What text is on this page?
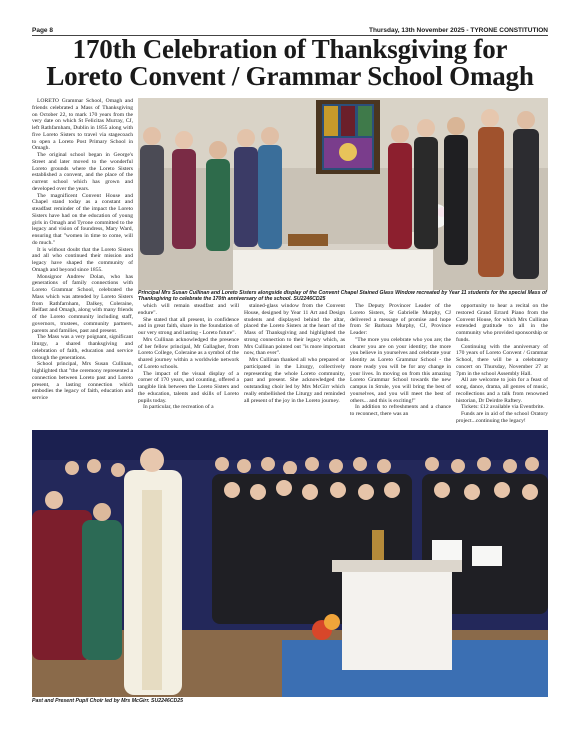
Page 8	Thursday, 13th November 2025 - TYRONE CONSTITUTION
170th Celebration of Thanksgiving for
Loreto Convent / Grammar School Omagh

LORETO Grammar School, Omagh and friends celebrated a Mass of Thanksgiving on October 22, to mark 170 years from the very date on which St Felicitas Murray, CJ, left Rathfarnham, Dublin in 1855 along with five Loreto Sisters to travel via stagecoach to open a Loreto Post Primary School in Omagh.

The original school began in George's Street and later moved to the wonderful Loreto grounds where the Loreto Sisters established a convent, and the place of the current school which has grown and developed over the years.

The magnificent Convent House and Chapel stand today as a constant and steadfast reminder of the impact the Loreto Sisters have had on the education of young girls in Omagh and Tyrone committed to the legacy and vision of foundress, Mary Ward, ensuring that "women in time to come, will do much."

It is without doubt that the Loreto Sisters and all who continued their mission and legacy have shaped the community of Omagh and beyond since 1855.

Monsignor Andrew Dolan, who has generations of family connections with Loreto Grammar School, celebrated the Mass which was attended by Loreto Sisters from Rathfarnham, Dalkey, Coleraine, Belfast and Omagh, along with many friends of the Loreto community including staff, governors, trustees, community partners, parents and families, past and present.

The Mass was a very poignant, significant liturgy, a shared thanksgiving and celebration of faith, education and service through the generations.

School principal, Mrs Susan Cullinan, highlighted that "the ceremony represented a connection between Loreto past and Loreto present, a lasting connection which embodies the legacy of faith, education and service

Principal Mrs Susan Cullinan and Loreto Sisters alongside display of the Convent Chapel Stained Glass Window recreated by Year 11 students for the special Mass of Thanksgiving to celebrate the 170th anniversary of the school. SU2246CD25

which will remain steadfast and will endure".

She stated that all present, in confidence and in great faith, share in the foundation of our very strong and lasting - Loreto future".

Mrs Cullinan acknowledged the presence of her fellow principal, Mr Gallagher, from Loreto College, Coleraine as a symbol of the shared journey within a worldwide network of Loreto schools.

The impact of the visual display of a corner of 170 years, and counting, offered a tangible link between the Loreto Sisters and the education, talents and skills of Loreto pupils today.

In particular, the recreation of a

stained-glass window from the Convent House, designed by Year 11 Art and Design students and displayed behind the altar, placed the Loreto Sisters at the heart of the Mass of Thanksgiving and highlighted the strong connection to their legacy which, as Mrs Cullinan pointed out "is more important now, than ever".

Mrs Cullinan thanked all who prepared or participated in the Liturgy, collectively representing the whole Loreto community, past and present. She acknowledged the outstanding choir led by Mrs McGirr which really embellished the Liturgy and reminded all present of the joy in the Loreto journey.

The Deputy Provincer Leader of the Loreto Sisters, Sr Gabrielle Murphy, CJ delivered a message of promise and hope from Sr Barbara Murphy, CJ, Province Leader:

"The more you celebrate who you are; the clearer you are on your identity; the more you believe in yourselves and celebrate your identity as Loreto Grammar School - the more ready you will be for any change in your lives. In moving on from this amazing Loreto Grammar School towards the new campus in Strule, you will bring the best of yourselves, and you will meet the best of others... and this is exciting!"

In addition to refreshments and a chance to reconnect, there was an

opportunity to hear a recital on the restored Grand Errard Piano from the Convent House, for which Mrs Cullinan extended gratitude to all in the community who provided sponsorship or funds.

Continuing with the anniversary of 170 years of Loreto Convent / Grammar School, there will be a celebratory concert on Thursday, November 27 at 7pm in the school Assembly Hall.

All are welcome to join for a feast of song, dance, drama, all genres of music, recollections and a talk from renowned historian, Dr Deirdre Raftery.

Tickets: £12 available via Eventbrite.

Funds are in aid of the school Oratory project...continuing the legacy!

Past and Present Pupil Choir led by Mrs McGirr. SU2246CD25
